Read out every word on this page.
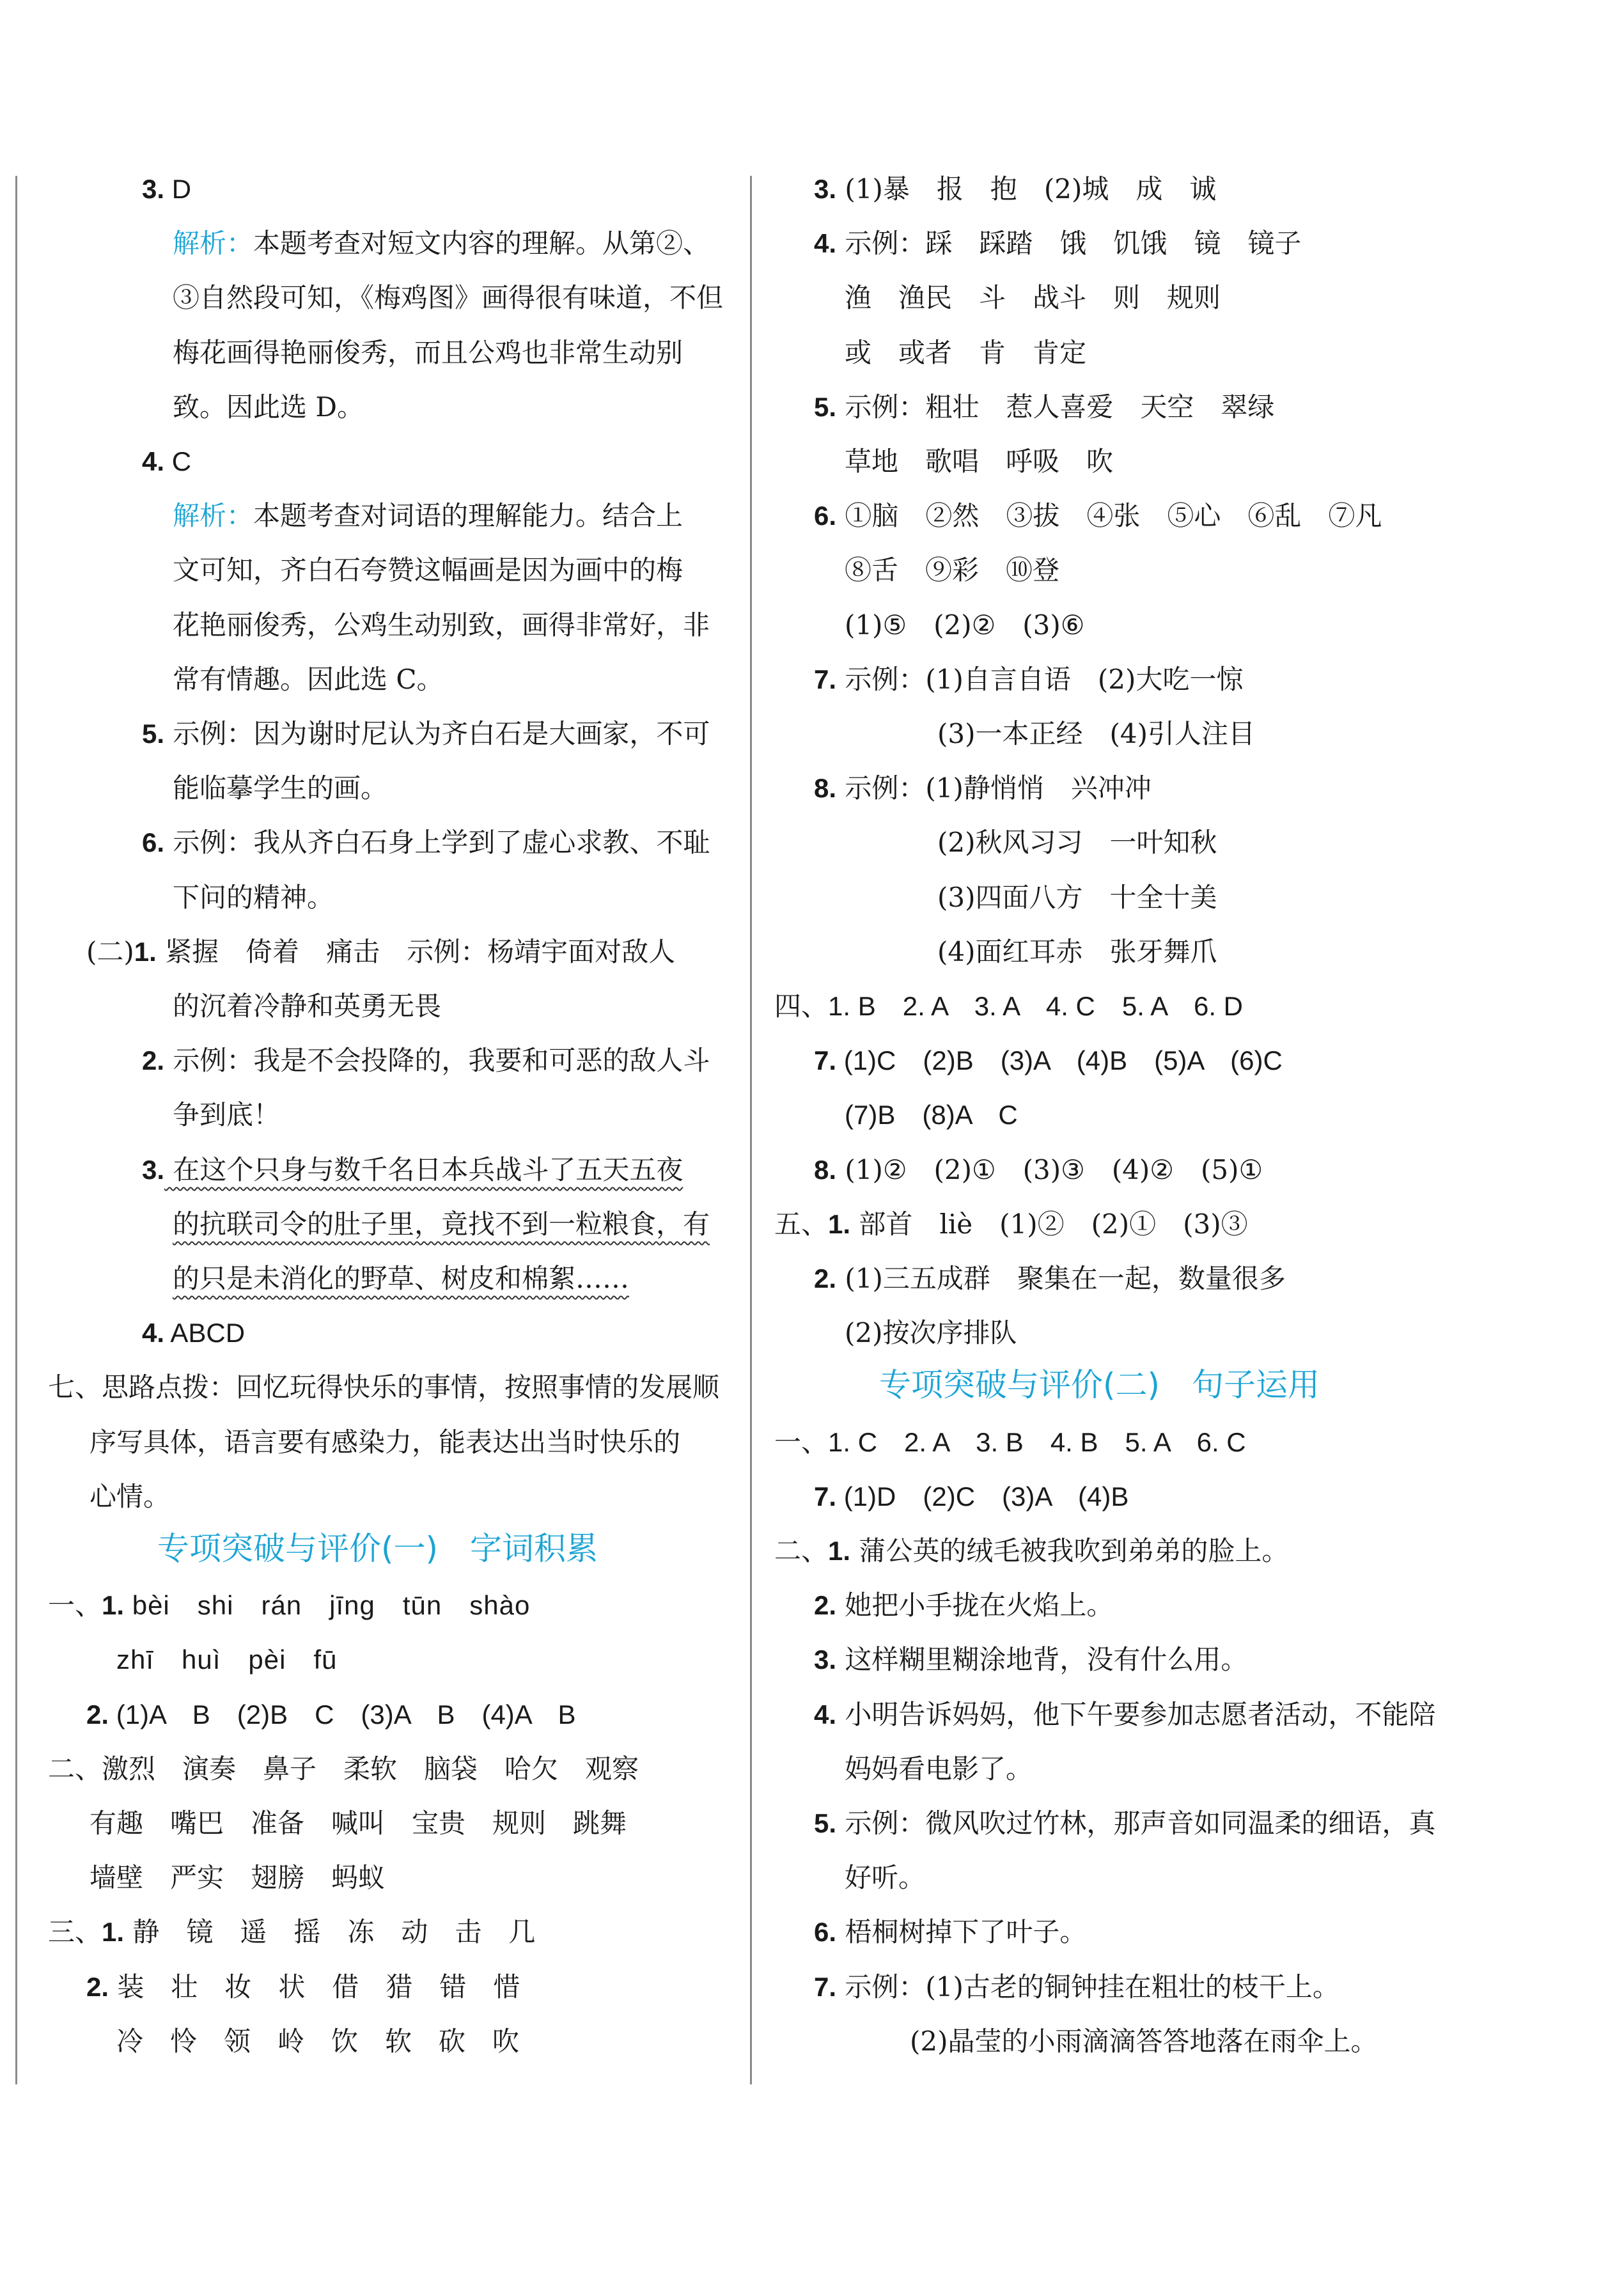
3. D
解析：本题考查对短文内容的理解。从第②、
③自然段可知，《梅鸡图》画得很有味道，不但
梅花画得艳丽俊秀，而且公鸡也非常生动别
致。因此选 D。
4. C
解析：本题考查对词语的理解能力。结合上
文可知，齐白石夸赞这幅画是因为画中的梅
花艳丽俊秀，公鸡生动别致，画得非常好，非
常有情趣。因此选 C。
5. 示例：因为谢时尼认为齐白石是大画家，不可
能临摹学生的画。
6. 示例：我从齐白石身上学到了虚心求教、不耻
下问的精神。
(二)1. 紧握　倚着　痛击　示例：杨靖宇面对敌人
的沉着冷静和英勇无畏
2. 示例：我是不会投降的，我要和可恶的敌人斗
争到底！
3. 在这个只身与数千名日本兵战斗了五天五夜
的抗联司令的肚子里，竟找不到一粒粮食，有
的只是未消化的野草、树皮和棉絮……
4. ABCD
七、思路点拨：回忆玩得快乐的事情，按照事情的发展顺
序写具体，语言要有感染力，能表达出当时快乐的
心情。
专项突破与评价(一)　字词积累
一、1. bèi　shi　rán　jīng　tūn　shào
zhī　huì　pèi　fū
2. (1)A　B　(2)B　C　(3)A　B　(4)A　B
二、激烈　演奏　鼻子　柔软　脑袋　哈欠　观察
有趣　嘴巴　准备　喊叫　宝贵　规则　跳舞
墙壁　严实　翅膀　蚂蚁
三、1. 静　镜　遥　摇　冻　动　击　几
2. 装　壮　妆　状　借　猎　错　惜
冷　怜　领　岭　饮　软　砍　吹
3. (1)暴　报　抱　(2)城　成　诚
4. 示例：踩　踩踏　饿　饥饿　镜　镜子
渔　渔民　斗　战斗　则　规则
或　或者　肯　肯定
5. 示例：粗壮　惹人喜爱　天空　翠绿
草地　歌唱　呼吸　吹
6. ①脑　②然　③拔　④张　⑤心　⑥乱　⑦凡
⑧舌　⑨彩　⑩登
(1)⑤　(2)②　(3)⑥
7. 示例：(1)自言自语　(2)大吃一惊
(3)一本正经　(4)引人注目
8. 示例：(1)静悄悄　兴冲冲
(2)秋风习习　一叶知秋
(3)四面八方　十全十美
(4)面红耳赤　张牙舞爪
四、1. B　2. A　3. A　4. C　5. A　6. D
7. (1)C　(2)B　(3)A　(4)B　(5)A　(6)C
(7)B　(8)A　C
8. (1)②　(2)①　(3)③　(4)②　(5)①
五、1. 部首　liè　(1)②　(2)①　(3)③
2. (1)三五成群　聚集在一起，数量很多
(2)按次序排队
专项突破与评价(二)　句子运用
一、1. C　2. A　3. B　4. B　5. A　6. C
7. (1)D　(2)C　(3)A　(4)B
二、1. 蒲公英的绒毛被我吹到弟弟的脸上。
2. 她把小手拢在火焰上。
3. 这样糊里糊涂地背，没有什么用。
4. 小明告诉妈妈，他下午要参加志愿者活动，不能陪
妈妈看电影了。
5. 示例：微风吹过竹林，那声音如同温柔的细语，真
好听。
6. 梧桐树掉下了叶子。
7. 示例：(1)古老的铜钟挂在粗壮的枝干上。
(2)晶莹的小雨滴滴答答地落在雨伞上。
